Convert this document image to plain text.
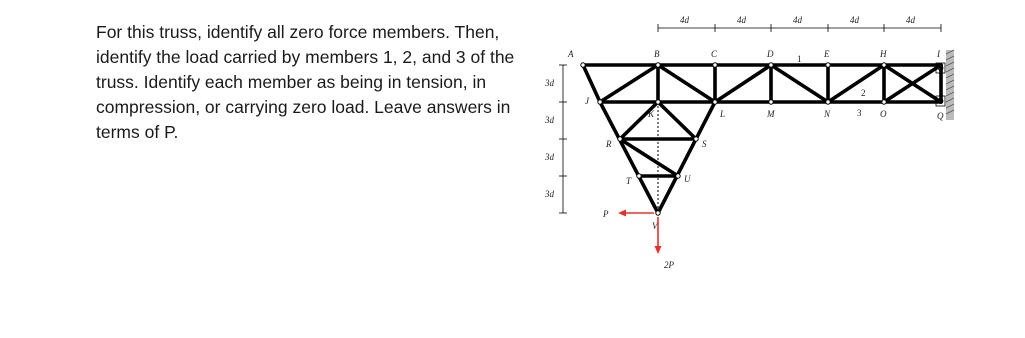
For this truss, identify all zero force members. Then, identify the load carried by members 1, 2, and 3 of the truss. Identify each member as being in tension, in compression, or carrying zero load. Leave answers in terms of P.

4d	4d	4d	4d	4d
3d
3d
3d
3d
A	B	C	D	E	H	I
J
K	L	M	N	O	Q
R	S
T	U
V
1
2
3
P
2P
